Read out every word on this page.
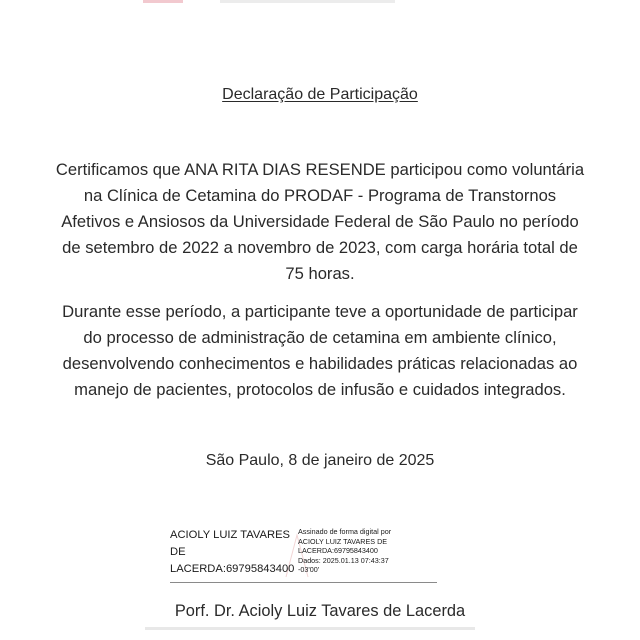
Declaração de Participação
Certificamos que ANA RITA DIAS RESENDE participou como voluntária
na Clínica de Cetamina do PRODAF - Programa de Transtornos
Afetivos e Ansiosos da Universidade Federal de São Paulo no período
de setembro de 2022 a novembro de 2023, com carga horária total de
75 horas.
Durante esse período, a participante teve a oportunidade de participar
do processo de administração de cetamina em ambiente clínico,
desenvolvendo conhecimentos e habilidades práticas relacionadas ao
manejo de pacientes, protocolos de infusão e cuidados integrados.
São Paulo, 8 de janeiro de 2025
ACIOLY LUIZ TAVARES
DE
LACERDA:69795843400
Assinado de forma digital por
ACIOLY LUIZ TAVARES DE
LACERDA:69795843400
Dados: 2025.01.13 07:43:37
-03'00'
Porf. Dr. Acioly Luiz Tavares de Lacerda
